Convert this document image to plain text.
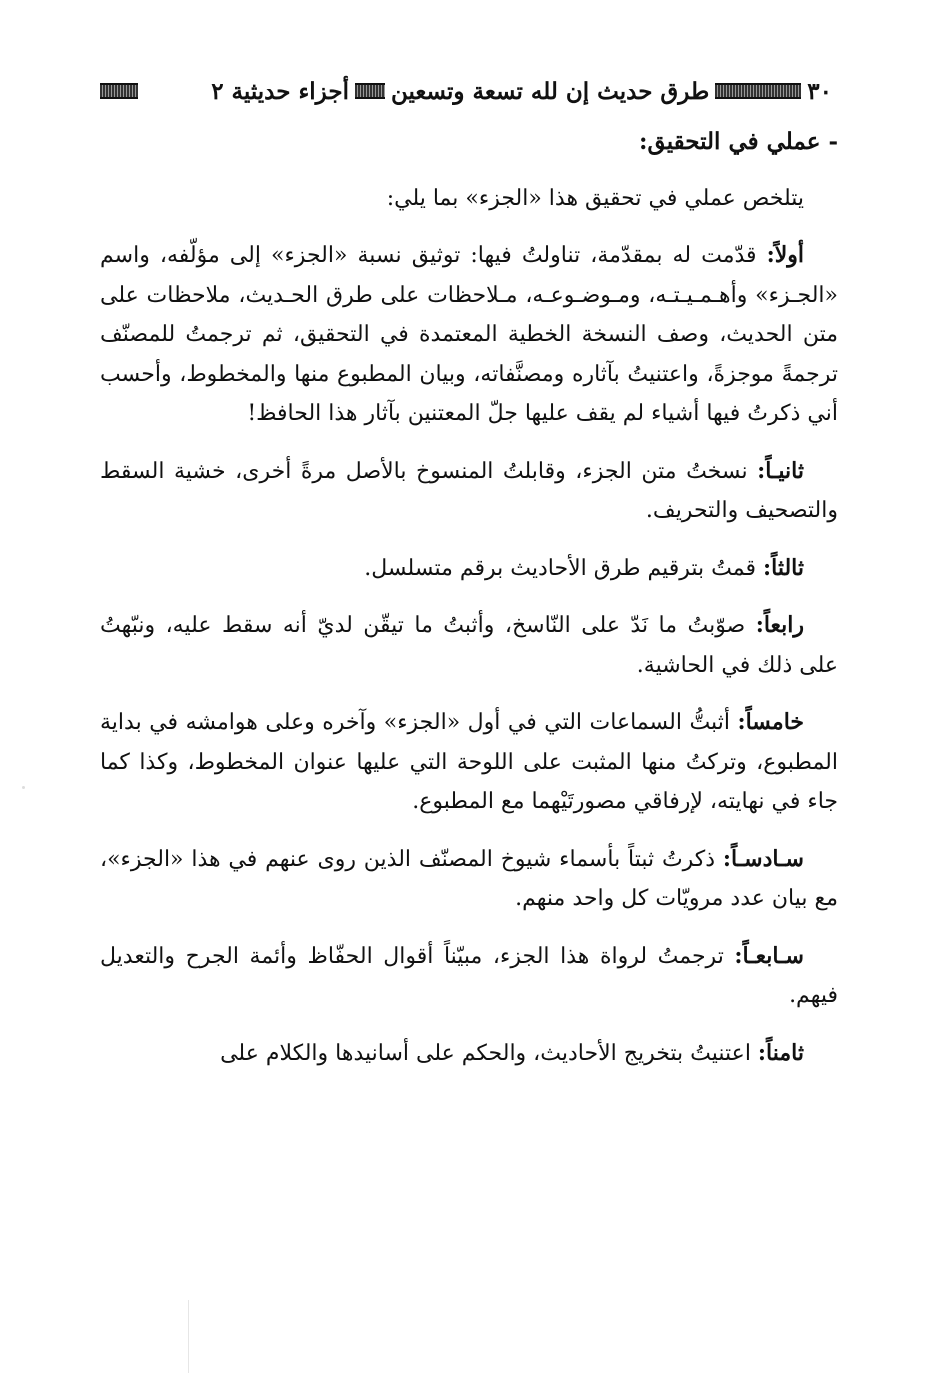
٣٠
طرق حديث إن لله تسعة وتسعين
أجزاء حديثية ٢

- عملي في التحقيق:

يتلخص عملي في تحقيق هذا «الجزء» بما يلي:

أولاً: قدّمت له بمقدّمة، تناولتُ فيها: توثيق نسبة «الجزء» إلى مؤلّفه، واسم «الجـزء» وأهـمـيـتـه، ومـوضـوعـه، مـلاحظات على طرق الحـديث، ملاحظات على متن الحديث، وصف النسخة الخطية المعتمدة في التحقيق، ثم ترجمتُ للمصنّف ترجمةً موجزةً، واعتنيتُ بآثاره ومصنَّفاته، وبيان المطبوع منها والمخطوط، وأحسب أني ذكرتُ فيها أشياء لم يقف عليها جلّ المعتنين بآثار هذا الحافظ!

ثانيـاً: نسختُ متن الجزء، وقابلتُ المنسوخ بالأصل مرةً أخرى، خشية السقط والتصحيف والتحريف.

ثالثاً: قمتُ بترقيم طرق الأحاديث برقم متسلسل.

رابعاً: صوّبتُ ما نَدّ على النّاسخ، وأثبتُ ما تيقّن لديّ أنه سقط عليه، ونبّهتُ على ذلك في الحاشية.

خامساً: أثبتُّ السماعات التي في أول «الجزء» وآخره وعلى هوامشه في بداية المطبوع، وتركتُ منها المثبت على اللوحة التي عليها عنوان المخطوط، وكذا كما جاء في نهايته، لإرفاقي مصورتَيْهما مع المطبوع.

سـادسـاً: ذكرتُ ثبتاً بأسماء شيوخ المصنّف الذين روى عنهم في هذا «الجزء»، مع بيان عدد مرويّات كل واحد منهم.

سـابعـاً: ترجمتُ لرواة هذا الجزء، مبيّناً أقوال الحفّاظ وأئمة الجرح والتعديل فيهم.

ثامناً: اعتنيتُ بتخريج الأحاديث، والحكم على أسانيدها والكلام على
